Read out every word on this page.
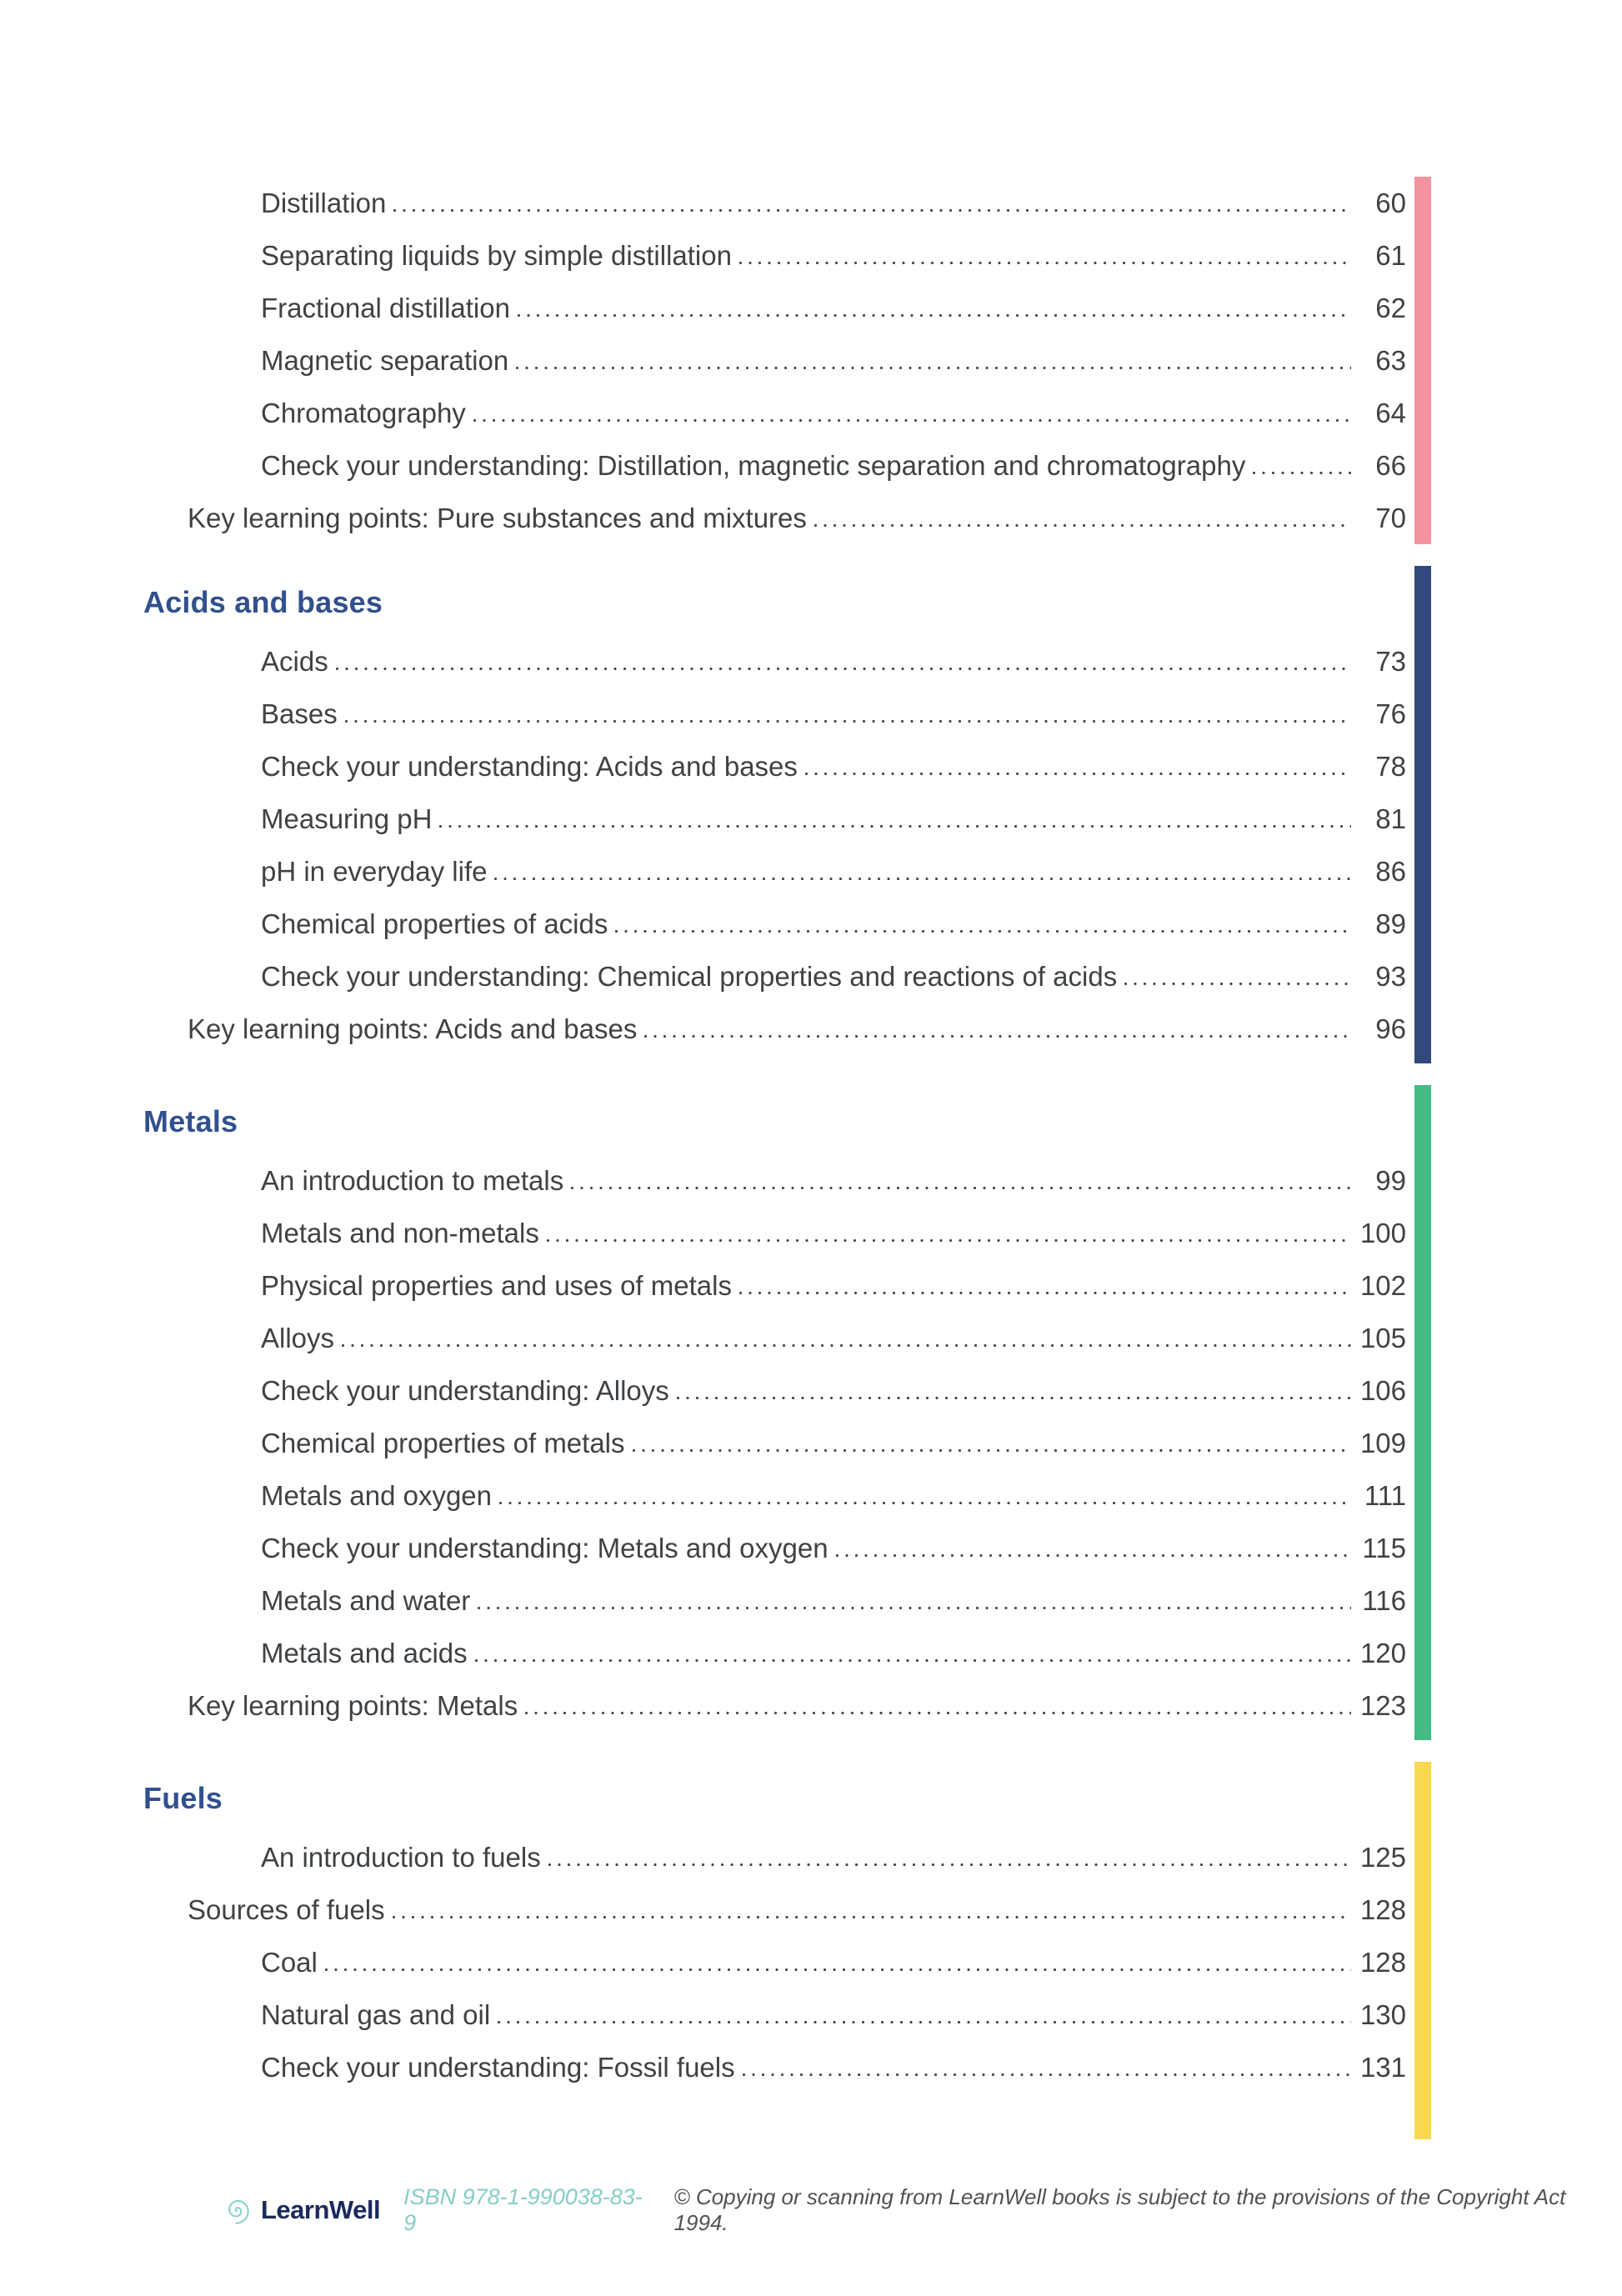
Distillation	60
Separating liquids by simple distillation	61
Fractional distillation	62
Magnetic separation	63
Chromatography	64
Check your understanding: Distillation, magnetic separation and chromatography	66
Key learning points: Pure substances and mixtures	70
Acids and bases
Acids	73
Bases	76
Check your understanding: Acids and bases	78
Measuring pH	81
pH in everyday life	86
Chemical properties of acids	89
Check your understanding: Chemical properties and reactions of acids	93
Key learning points: Acids and bases	96
Metals
An introduction to metals	99
Metals and non-metals	100
Physical properties and uses of metals	102
Alloys	105
Check your understanding: Alloys	106
Chemical properties of metals	109
Metals and oxygen	111
Check your understanding: Metals and oxygen	115
Metals and water	116
Metals and acids	120
Key learning points: Metals	123
Fuels
An introduction to fuels	125
Sources of fuels	128
Coal	128
Natural gas and oil	130
Check your understanding: Fossil fuels	131
LearnWell ISBN 978-1-990038-83-9
© Copying or scanning from LearnWell books is subject to the provisions of the Copyright Act 1994.
